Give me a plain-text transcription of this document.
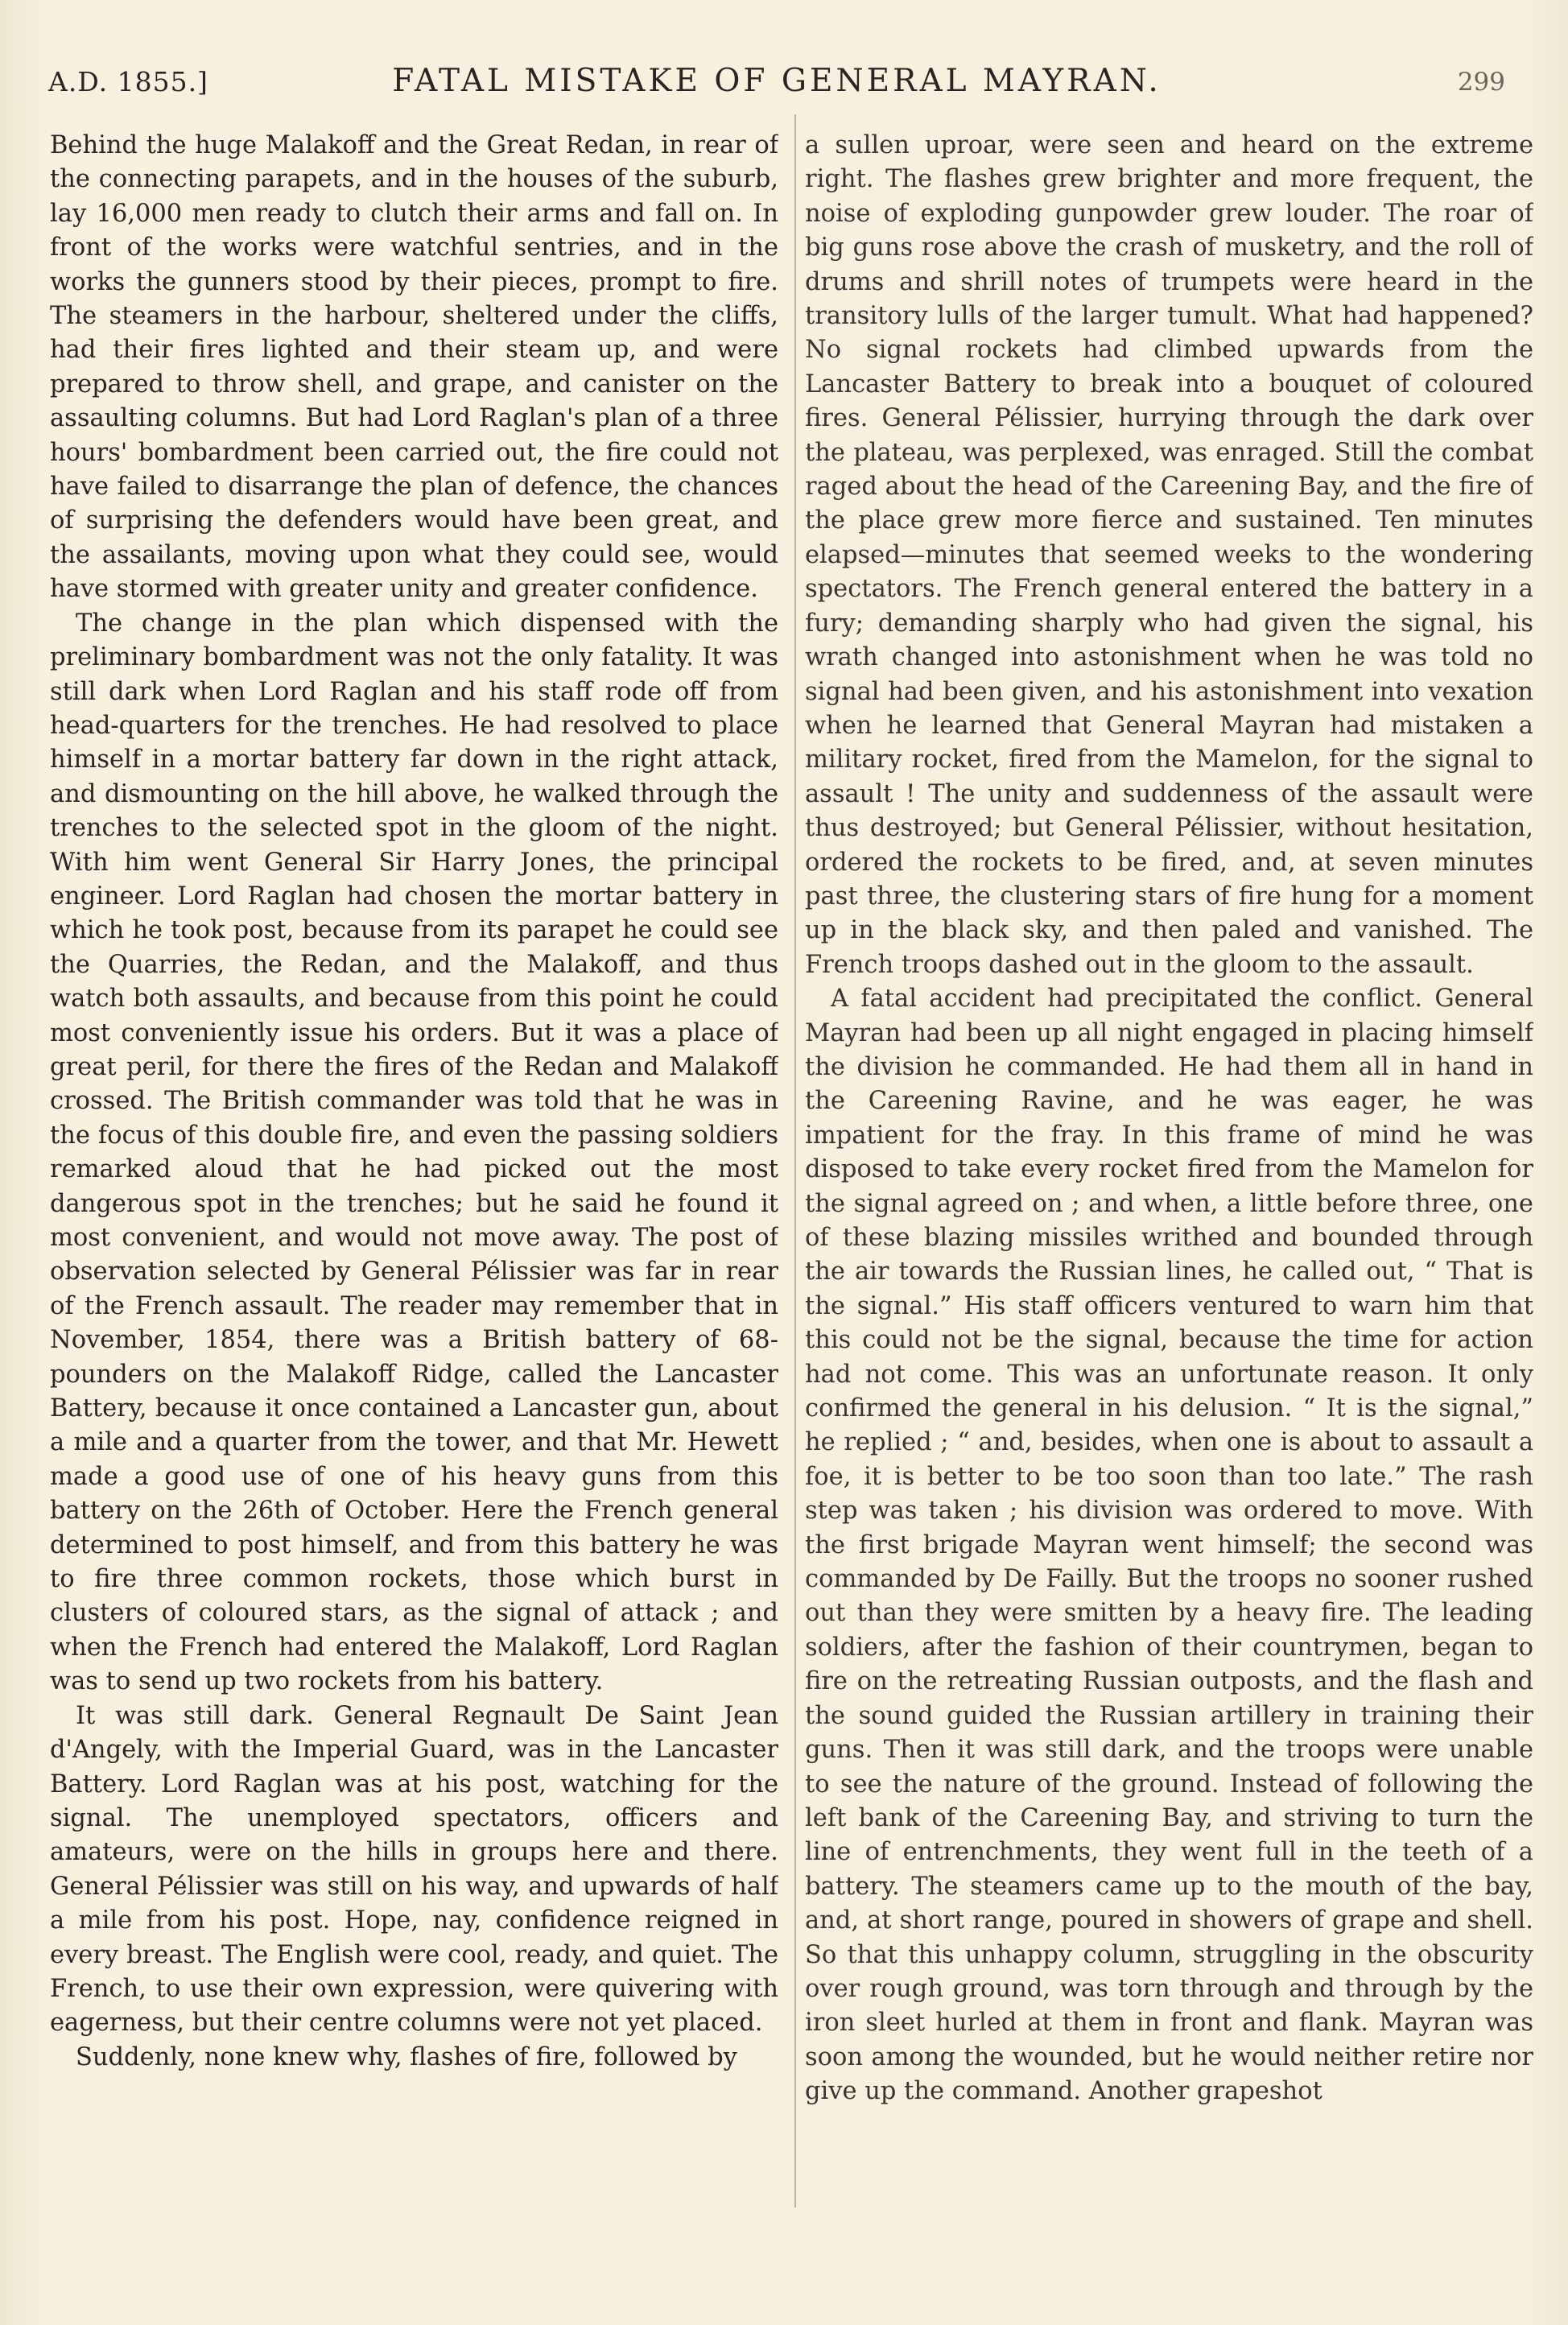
A.D. 1855.]	FATAL MISTAKE OF GENERAL MAYRAN.	299

Behind the huge Malakoff and the Great Redan, in rear of the connecting parapets, and in the houses of the suburb, lay 16,000 men ready to clutch their arms and fall on. In front of the works were watchful sentries, and in the works the gunners stood by their pieces, prompt to fire. The steamers in the harbour, sheltered under the cliffs, had their fires lighted and their steam up, and were prepared to throw shell, and grape, and canister on the assaulting columns. But had Lord Raglan's plan of a three hours' bombardment been carried out, the fire could not have failed to disarrange the plan of defence, the chances of surprising the defenders would have been great, and the assailants, moving upon what they could see, would have stormed with greater unity and greater confidence.

The change in the plan which dispensed with the preliminary bombardment was not the only fatality. It was still dark when Lord Raglan and his staff rode off from head-quarters for the trenches. He had resolved to place himself in a mortar battery far down in the right attack, and dismounting on the hill above, he walked through the trenches to the selected spot in the gloom of the night. With him went General Sir Harry Jones, the principal engineer. Lord Raglan had chosen the mortar battery in which he took post, because from its parapet he could see the Quarries, the Redan, and the Malakoff, and thus watch both assaults, and because from this point he could most conveniently issue his orders. But it was a place of great peril, for there the fires of the Redan and Malakoff crossed. The British commander was told that he was in the focus of this double fire, and even the passing soldiers remarked aloud that he had picked out the most dangerous spot in the trenches; but he said he found it most convenient, and would not move away. The post of observation selected by General Pélissier was far in rear of the French assault. The reader may remember that in November, 1854, there was a British battery of 68-pounders on the Malakoff Ridge, called the Lancaster Battery, because it once contained a Lancaster gun, about a mile and a quarter from the tower, and that Mr. Hewett made a good use of one of his heavy guns from this battery on the 26th of October. Here the French general determined to post himself, and from this battery he was to fire three common rockets, those which burst in clusters of coloured stars, as the signal of attack ; and when the French had entered the Malakoff, Lord Raglan was to send up two rockets from his battery.

It was still dark. General Regnault De Saint Jean d'Angely, with the Imperial Guard, was in the Lancaster Battery. Lord Raglan was at his post, watching for the signal. The unemployed spectators, officers and amateurs, were on the hills in groups here and there. General Pélissier was still on his way, and upwards of half a mile from his post. Hope, nay, confidence reigned in every breast. The English were cool, ready, and quiet. The French, to use their own expression, were quivering with eagerness, but their centre columns were not yet placed.

Suddenly, none knew why, flashes of fire, followed by

a sullen uproar, were seen and heard on the extreme right. The flashes grew brighter and more frequent, the noise of exploding gunpowder grew louder. The roar of big guns rose above the crash of musketry, and the roll of drums and shrill notes of trumpets were heard in the transitory lulls of the larger tumult. What had happened? No signal rockets had climbed upwards from the Lancaster Battery to break into a bouquet of coloured fires. General Pélissier, hurrying through the dark over the plateau, was perplexed, was enraged. Still the combat raged about the head of the Careening Bay, and the fire of the place grew more fierce and sustained. Ten minutes elapsed—minutes that seemed weeks to the wondering spectators. The French general entered the battery in a fury; demanding sharply who had given the signal, his wrath changed into astonishment when he was told no signal had been given, and his astonishment into vexation when he learned that General Mayran had mistaken a military rocket, fired from the Mamelon, for the signal to assault ! The unity and suddenness of the assault were thus destroyed; but General Pélissier, without hesitation, ordered the rockets to be fired, and, at seven minutes past three, the clustering stars of fire hung for a moment up in the black sky, and then paled and vanished. The French troops dashed out in the gloom to the assault.

A fatal accident had precipitated the conflict. General Mayran had been up all night engaged in placing himself the division he commanded. He had them all in hand in the Careening Ravine, and he was eager, he was impatient for the fray. In this frame of mind he was disposed to take every rocket fired from the Mamelon for the signal agreed on ; and when, a little before three, one of these blazing missiles writhed and bounded through the air towards the Russian lines, he called out, “ That is the signal.” His staff officers ventured to warn him that this could not be the signal, because the time for action had not come. This was an unfortunate reason. It only confirmed the general in his delusion. “ It is the signal,” he replied ; “ and, besides, when one is about to assault a foe, it is better to be too soon than too late.” The rash step was taken ; his division was ordered to move. With the first brigade Mayran went himself; the second was commanded by De Failly. But the troops no sooner rushed out than they were smitten by a heavy fire. The leading soldiers, after the fashion of their countrymen, began to fire on the retreating Russian outposts, and the flash and the sound guided the Russian artillery in training their guns. Then it was still dark, and the troops were unable to see the nature of the ground. Instead of following the left bank of the Careening Bay, and striving to turn the line of entrenchments, they went full in the teeth of a battery. The steamers came up to the mouth of the bay, and, at short range, poured in showers of grape and shell. So that this unhappy column, struggling in the obscurity over rough ground, was torn through and through by the iron sleet hurled at them in front and flank. Mayran was soon among the wounded, but he would neither retire nor give up the command. Another grapeshot
